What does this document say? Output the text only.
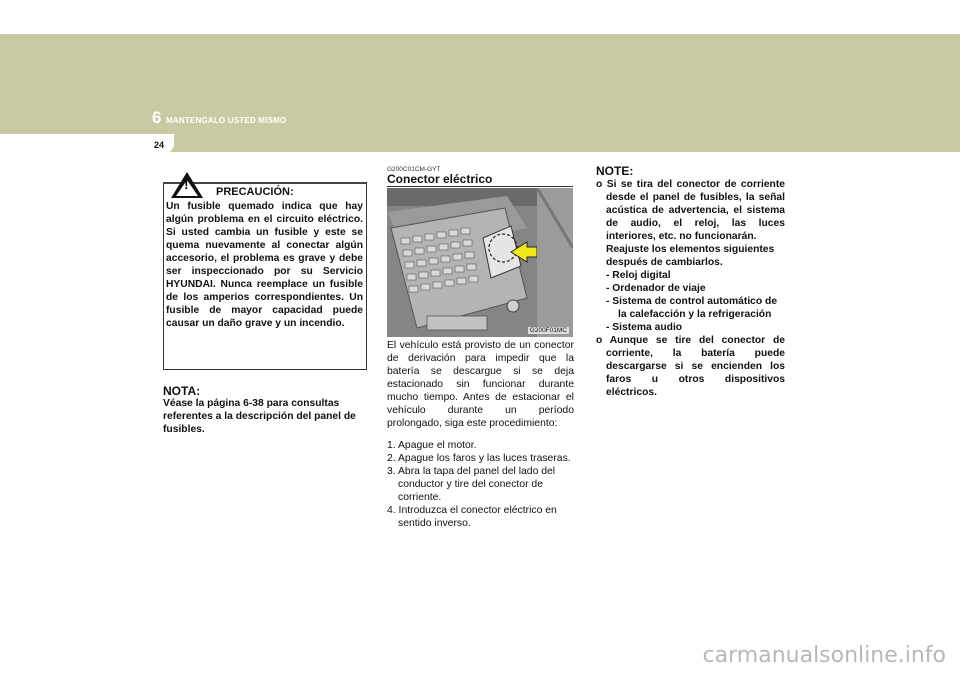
6 MANTENGALO USTED MISMO
24
! PRECAUCIÓN:
Un fusible quemado indica que hay algún problema en el circuito eléctrico. Si usted cambia un fusible y este se quema nuevamente al conectar algún accesorio, el problema es grave y debe ser inspeccionado por su Servicio HYUNDAI. Nunca reemplace un fusible de los amperios correspondientes. Un fusible de mayor capacidad puede causar un daño grave y un incendio.
NOTA:
Véase la página 6-38 para consultas referentes a la descripción del panel de fusibles.
G200C01CM-GYT
Conector eléctrico
G200F01MC
El vehículo está provisto de un conector de derivación para impedir que la batería se descargue si se deja estacionado sin funcionar durante mucho tiempo. Antes de estacionar el vehículo durante un período prolongado, siga este procedimiento:
1. Apague el motor.
2. Apague los faros y las luces traseras.
3. Abra la tapa del panel del lado del conductor y tire del conector de corriente.
4. Introduzca el conector eléctrico en sentido inverso.
NOTE:
o Si se tira del conector de corriente desde el panel de fusibles, la señal acústica de advertencia, el sistema de audio, el reloj, las luces interiores, etc. no funcionarán.
Reajuste los elementos siguientes después de cambiarlos.
- Reloj digital
- Ordenador de viaje
- Sistema de control automático de la calefacción y la refrigeración
- Sistema audio
o Aunque se tire del conector de corriente, la batería puede descargarse si se encienden los faros u otros dispositivos eléctricos.
carmanualsonline.info
